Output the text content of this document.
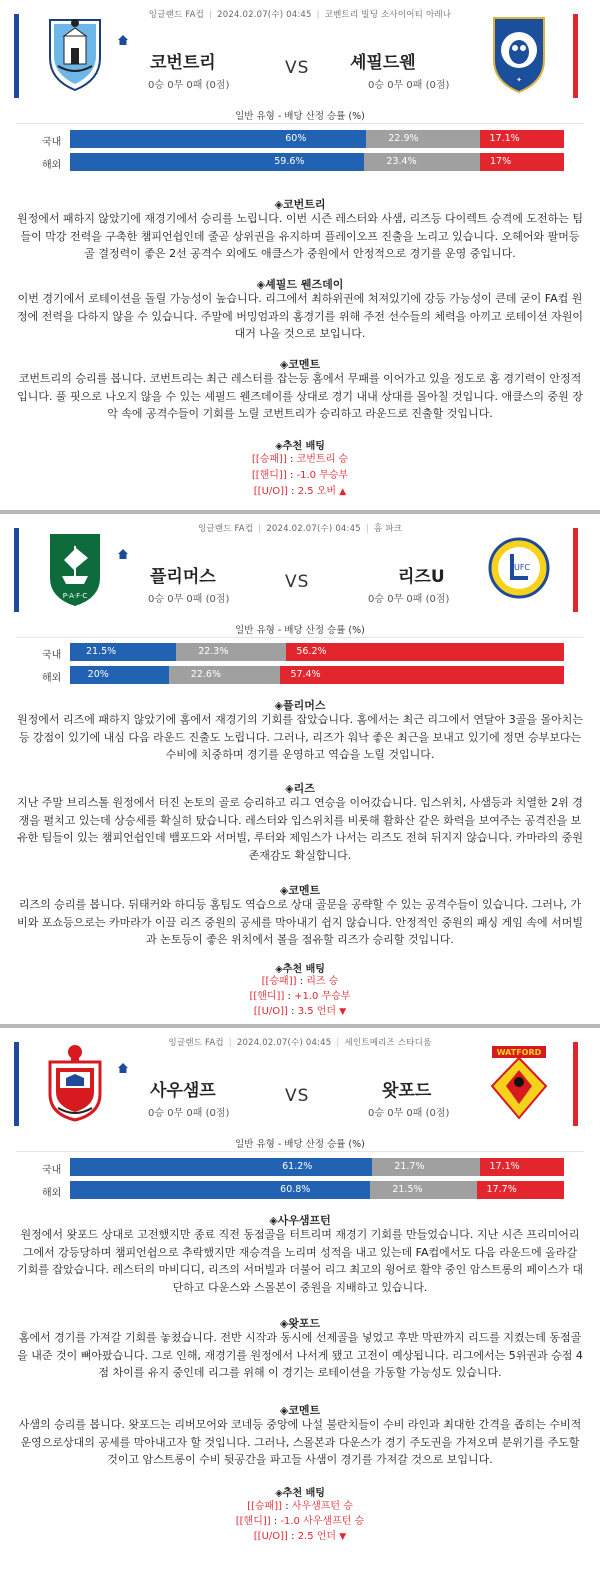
잉글랜드 FA컵 | 2024.02.07(수) 04:45 | 코벤트리 빌딩 소사이어티 아레나
코번트리
0승 0무 0패 (0점)
VS 셰필드웬
0승 0무 0패 (0점)	✦
일반 유형 - 배당 산정 승률 (%)
국내	60%	22.9%	17.1%
해외	59.6%	23.4%	17%
◈코번트리
원정에서 패하지 않았기에 재경기에서 승리를 노립니다. 이번 시즌 레스터와 사샘, 리즈등 다이렉트 승격에 도전하는 팀들이 막강 전력을 구축한 챔피언쉽인데 줄곧 상위권을 유지하며 플레이오프 진출을 노리고 있습니다. 오헤어와 팔머등 골 결정력이 좋은 2선 공격수 외에도 애클스가 중원에서 안정적으로 경기를 운영 중입니다.
◈셰필드 웬즈데이
이번 경기에서 로테이션을 돌릴 가능성이 높습니다. 리그에서 최하위권에 쳐져있기에 강등 가능성이 큰데 굳이 FA컵 원정에 전력을 다하지 않을 수 있습니다. 주말에 버밍엄과의 홈경기를 위해 주전 선수들의 체력을 아끼고 로테이션 자원이 대거 나올 것으로 보입니다.
◈코멘트
코번트리의 승리를 봅니다. 코번트리는 최근 레스터를 잡는등 홈에서 무패를 이어가고 있을 정도로 홈 경기력이 안정적입니다. 풀 핏으로 나오지 않을 수 있는 셰필드 웬즈데이를 상대로 경기 내내 상대를 몰아칠 것입니다. 애클스의 중원 장악 속에 공격수들이 기회를 노릴 코번트리가 승리하고 라운드로 진출할 것입니다.
◈추천 배팅
[[승패]] : 코번트리 승
[[핸디]] : -1.0 무승부
[[U/O]] : 2.5 오버 ▲
잉글랜드 FA컵 | 2024.02.07(수) 04:45 | 홈 파크
P·A·F·C
플리머스
0승 0무 0패 (0점)
VS	리즈U
0승 0무 0패 (0점)
UFC
일반 유형 - 배당 산정 승률 (%)
국내	21.5%	22.3%	56.2%
해외	20%	22.6%	57.4%
◈플리머스
원정에서 리즈에 패하지 않았기에 홈에서 재경기의 기회를 잡았습니다. 홈에서는 최근 리그에서 연달아 3골을 몰아치는등 강점이 있기에 내심 다음 라운드 진출도 노립니다. 그러나, 리즈가 워낙 좋은 최근을 보내고 있기에 정면 승부보다는 수비에 치중하며 경기를 운영하고 역습을 노릴 것입니다.
◈리즈
지난 주말 브리스톨 원정에서 터진 논토의 골로 승리하고 리그 연승을 이어갔습니다. 입스위치, 사샘등과 치열한 2위 경쟁을 펼치고 있는데 상승세를 확실히 탔습니다. 레스터와 입스위치를 비롯해 활화산 같은 화력을 보여주는 공격진을 보유한 팀들이 있는 챔피언쉽인데 뱀포드와 서머빌, 루터와 제임스가 나서는 리즈도 전혀 뒤지지 않습니다. 카마라의 중원 존재감도 확실합니다.
◈코멘트
리즈의 승리를 봅니다. 뒤태커와 하디등 홈팀도 역습으로 상대 골문을 공략할 수 있는 공격수들이 있습니다. 그러나, 가비와 포쇼등으로는 카마라가 이끌 리즈 중원의 공세를 막아내기 쉽지 않습니다. 안정적인 중원의 패싱 게임 속에 서머빌과 논토등이 좋은 위치에서 볼을 점유할 리즈가 승리할 것입니다.
◈추천 배팅
[[승패]] : 리즈 승
[[핸디]] : +1.0 무승부
[[U/O]] : 3.5 언더 ▼
잉글랜드 FA컵 | 2024.02.07(수) 04:45 | 세인트메리즈 스타디움
사우샘프
0승 0무 0패 (0점)
VS	왓포드
0승 0무 0패 (0점)
WATFORD
일반 유형 - 배당 산정 승률 (%)
국내	61.2%	21.7%	17.1%
해외	60.8%	21.5%	17.7%
◈사우샘프턴
원정에서 왓포드 상대로 고전했지만 종료 직전 동점골을 터트리며 재경기 기회를 만들었습니다. 지난 시즌 프리미어리그에서 강등당하며 챔피언쉽으로 추락했지만 재승격을 노리며 성적을 내고 있는데 FA컵에서도 다음 라운드에 올라갈 기회를 잡았습니다. 레스터의 마비디디, 리즈의 서머빌과 더불어 리그 최고의 윙어로 활약 중인 암스트롱의 페이스가 대단하고 다운스와 스몰본이 중원을 지배하고 있습니다.
◈왓포드
홈에서 경기를 가져갈 기회를 놓쳤습니다. 전반 시작과 동시에 선제골을 넣었고 후반 막판까지 리드를 지켰는데 동점골을 내준 것이 뼈아팠습니다. 그로 인해, 재경기를 원정에서 나서게 됐고 고전이 예상됩니다. 리그에서는 5위권과 승점 4점 차이를 유지 중인데 리그를 위해 이 경기는 로테이션을 가동할 가능성도 있습니다.
◈코멘트
사샘의 승리를 봅니다. 왓포드는 리버모어와 코네등 중앙에 나설 불란치들이 수비 라인과 최대한 간격을 좁히는 수비적 운영으로상대의 공세를 막아내고자 할 것입니다. 그러나, 스몰본과 다운스가 경기 주도권을 가져오며 분위기를 주도할 것이고 암스트롱이 수비 뒷공간을 파고들 사샘이 경기를 가져갈 것으로 보입니다.
◈추천 배팅
[[승패]] : 사우샘프턴 승
[[핸디]] : -1.0 사우샘프턴 승
[[U/O]] : 2.5 언더 ▼
